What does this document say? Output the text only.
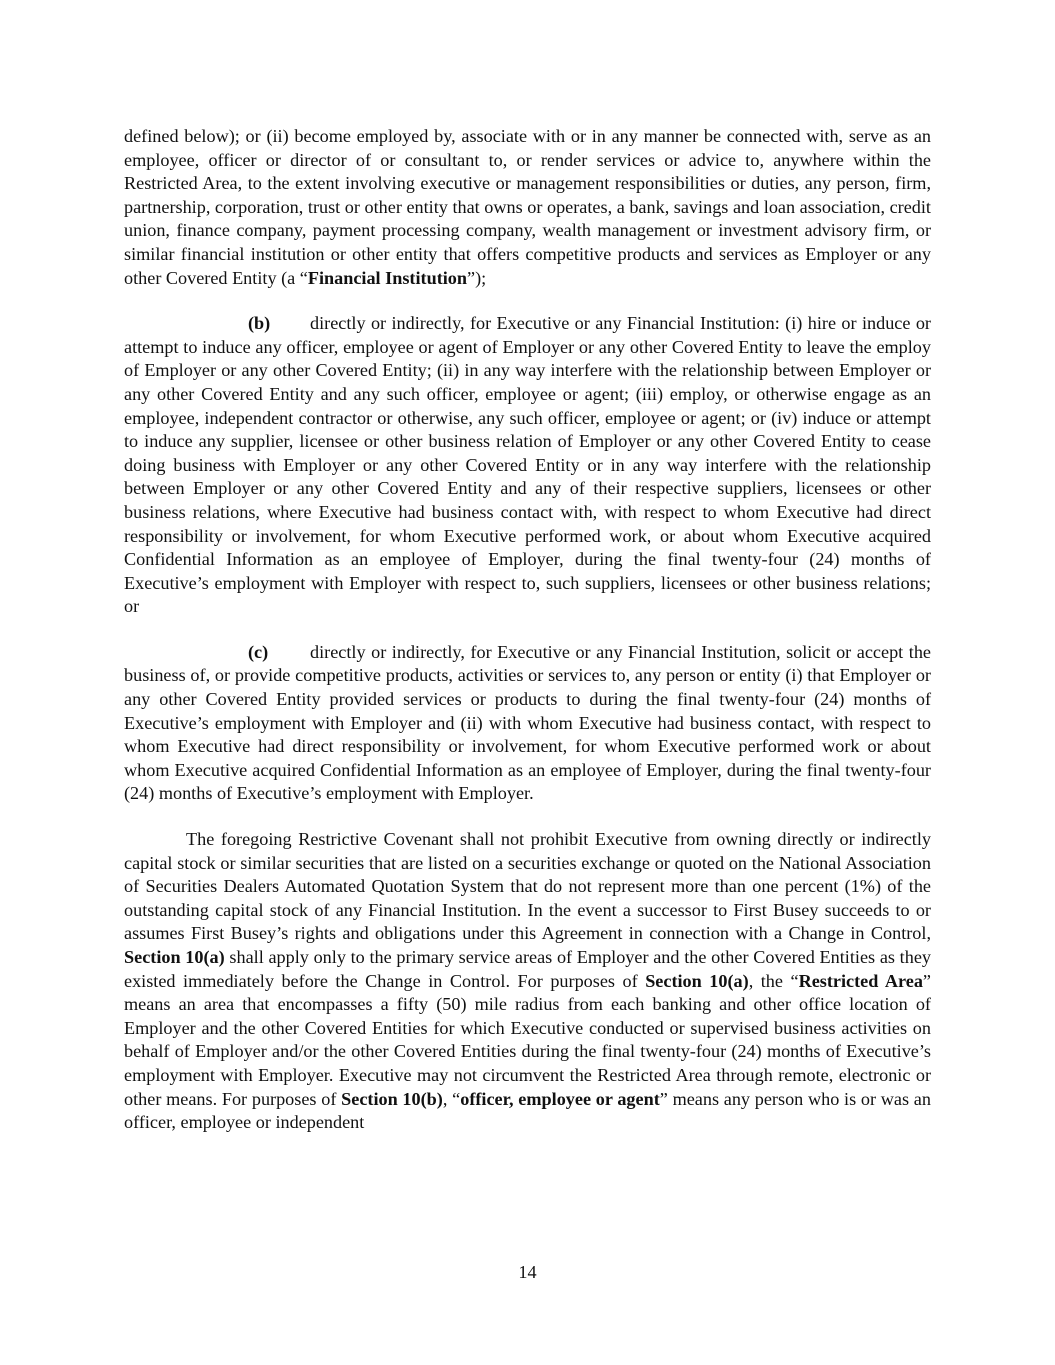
defined below); or (ii) become employed by, associate with or in any manner be connected with, serve as an employee, officer or director of or consultant to, or render services or advice to, anywhere within the Restricted Area, to the extent involving executive or management responsibilities or duties, any person, firm, partnership, corporation, trust or other entity that owns or operates, a bank, savings and loan association, credit union, finance company, payment processing company, wealth management or investment advisory firm, or similar financial institution or other entity that offers competitive products and services as Employer or any other Covered Entity (a “Financial Institution”);

(b) directly or indirectly, for Executive or any Financial Institution: (i) hire or induce or attempt to induce any officer, employee or agent of Employer or any other Covered Entity to leave the employ of Employer or any other Covered Entity; (ii) in any way interfere with the relationship between Employer or any other Covered Entity and any such officer, employee or agent; (iii) employ, or otherwise engage as an employee, independent contractor or otherwise, any such officer, employee or agent; or (iv) induce or attempt to induce any supplier, licensee or other business relation of Employer or any other Covered Entity to cease doing business with Employer or any other Covered Entity or in any way interfere with the relationship between Employer or any other Covered Entity and any of their respective suppliers, licensees or other business relations, where Executive had business contact with, with respect to whom Executive had direct responsibility or involvement, for whom Executive performed work, or about whom Executive acquired Confidential Information as an employee of Employer, during the final twenty-four (24) months of Executive’s employment with Employer with respect to, such suppliers, licensees or other business relations; or

(c) directly or indirectly, for Executive or any Financial Institution, solicit or accept the business of, or provide competitive products, activities or services to, any person or entity (i) that Employer or any other Covered Entity provided services or products to during the final twenty-four (24) months of Executive’s employment with Employer and (ii) with whom Executive had business contact, with respect to whom Executive had direct responsibility or involvement, for whom Executive performed work or about whom Executive acquired Confidential Information as an employee of Employer, during the final twenty-four (24) months of Executive’s employment with Employer.

The foregoing Restrictive Covenant shall not prohibit Executive from owning directly or indirectly capital stock or similar securities that are listed on a securities exchange or quoted on the National Association of Securities Dealers Automated Quotation System that do not represent more than one percent (1%) of the outstanding capital stock of any Financial Institution. In the event a successor to First Busey succeeds to or assumes First Busey’s rights and obligations under this Agreement in connection with a Change in Control, Section 10(a) shall apply only to the primary service areas of Employer and the other Covered Entities as they existed immediately before the Change in Control. For purposes of Section 10(a), the “Restricted Area” means an area that encompasses a fifty (50) mile radius from each banking and other office location of Employer and the other Covered Entities for which Executive conducted or supervised business activities on behalf of Employer and/or the other Covered Entities during the final twenty-four (24) months of Executive’s employment with Employer. Executive may not circumvent the Restricted Area through remote, electronic or other means. For purposes of Section 10(b), “officer, employee or agent” means any person who is or was an officer, employee or independent

14
